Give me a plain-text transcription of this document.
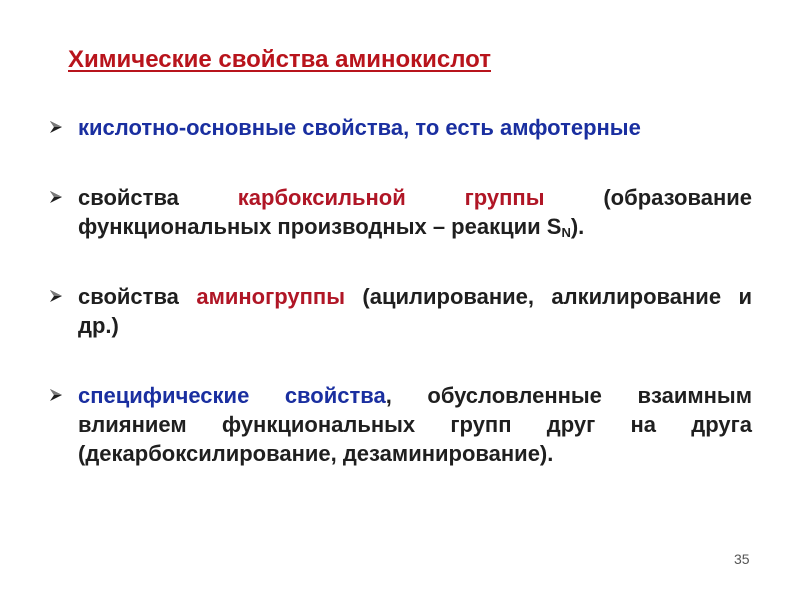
Химические свойства аминокислот
кислотно-основные свойства, то есть амфотерные
свойства карбоксильной группы (образование функциональных производных – реакции $S_N$).
свойства аминогруппы (ацилирование, алкилирование и др.)
специфические свойства, обусловленные взаимным влиянием функциональных групп друг на друга (декарбоксилирование, дезаминирование).
35
